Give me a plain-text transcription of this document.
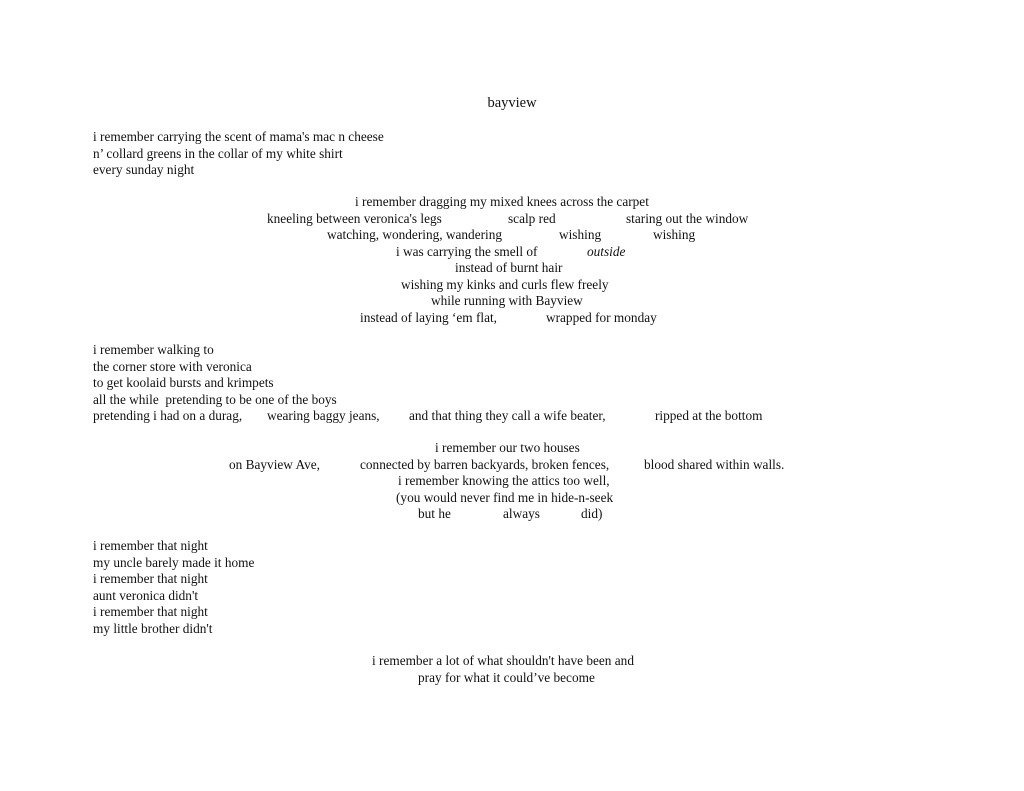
bayview
i remember carrying the scent of mama's mac n cheese
n’ collard greens in the collar of my white shirt
every sunday night
i remember dragging my mixed knees across the carpet
kneeling between veronica's legs	scalp red	staring out the window
watching, wondering, wandering	wishing	wishing
i was carrying the smell of	outside
instead of burnt hair
wishing my kinks and curls flew freely
while running with Bayview
instead of laying ‘em flat,	wrapped for monday
i remember walking to
the corner store with veronica
to get koolaid bursts and krimpets
all the while  pretending to be one of the boys
pretending i had on a durag, wearing baggy jeans, and that thing they call a wife beater,	ripped at the bottom
i remember our two houses
on Bayview Ave,	connected by barren backyards, broken fences,	blood shared within walls.
i remember knowing the attics too well,
(you would never find me in hide-n-seek
but he	always	did)
i remember that night
my uncle barely made it home
i remember that night
aunt veronica didn't
i remember that night
my little brother didn't
i remember a lot of what shouldn't have been and
pray for what it could’ve become
